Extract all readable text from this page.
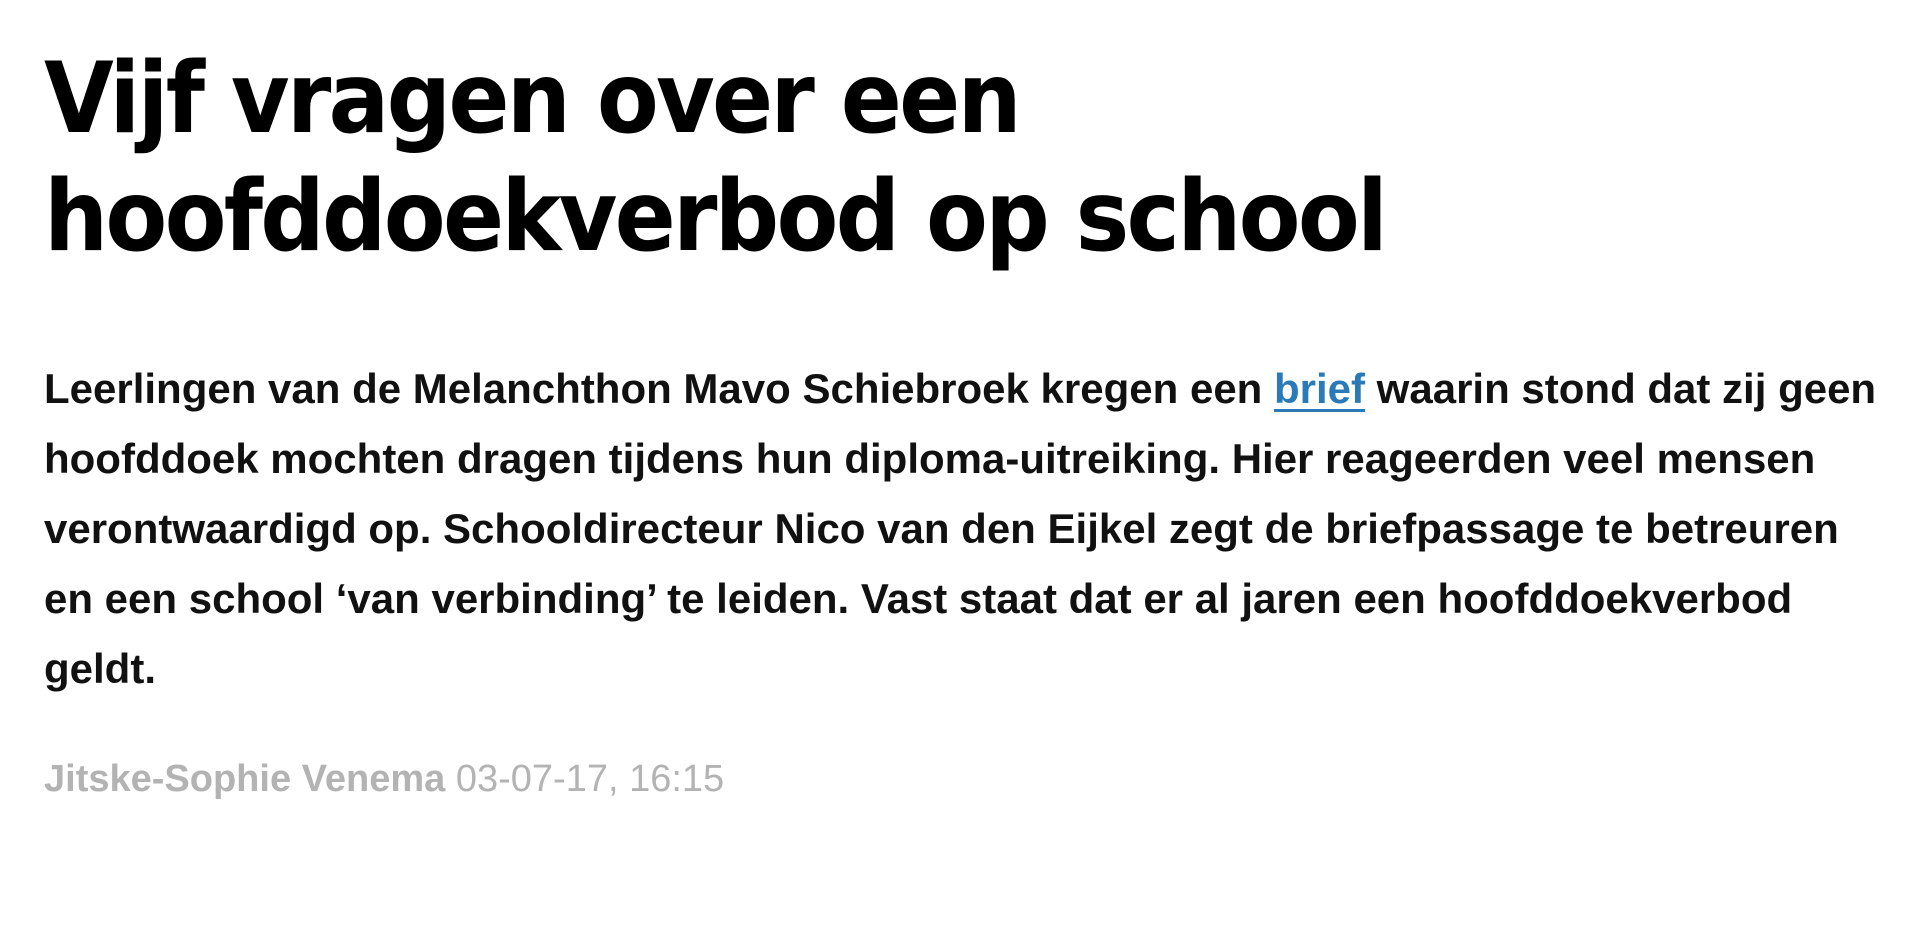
Vijf vragen over een hoofddoekverbod op school

Leerlingen van de Melanchthon Mavo Schiebroek kregen een brief waarin stond dat zij geen hoofddoek mochten dragen tijdens hun diploma-uitreiking. Hier reageerden veel mensen verontwaardigd op. Schooldirecteur Nico van den Eijkel zegt de briefpassage te betreuren en een school ‘van verbinding’ te leiden. Vast staat dat er al jaren een hoofddoekverbod geldt.

Jitske-Sophie Venema 03-07-17, 16:15
